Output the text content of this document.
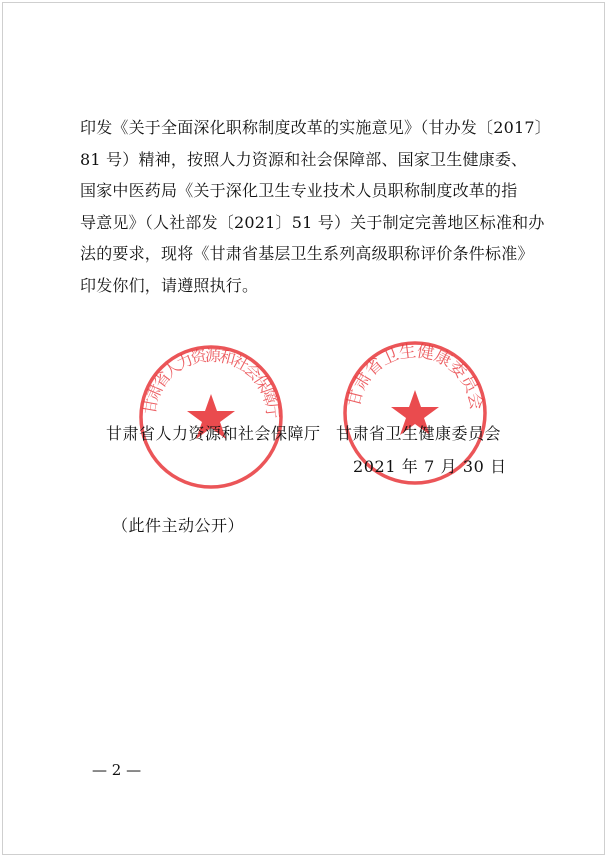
印发《关于全面深化职称制度改革的实施意见》（甘办发〔2017〕
81 号）精神，按照人力资源和社会保障部、国家卫生健康委、
国家中医药局《关于深化卫生专业技术人员职称制度改革的指
导意见》（人社部发〔2021〕51 号）关于制定完善地区标准和办
法的要求，现将《甘肃省基层卫生系列高级职称评价条件标准》
印发你们，请遵照执行。
甘肃省人力资源和社会保障厅
甘肃省卫生健康委员会
甘肃省人力资源和社会保障厅 甘肃省卫生健康委员会
2021 年 7 月 30 日
（此件主动公开）
— 2 —
